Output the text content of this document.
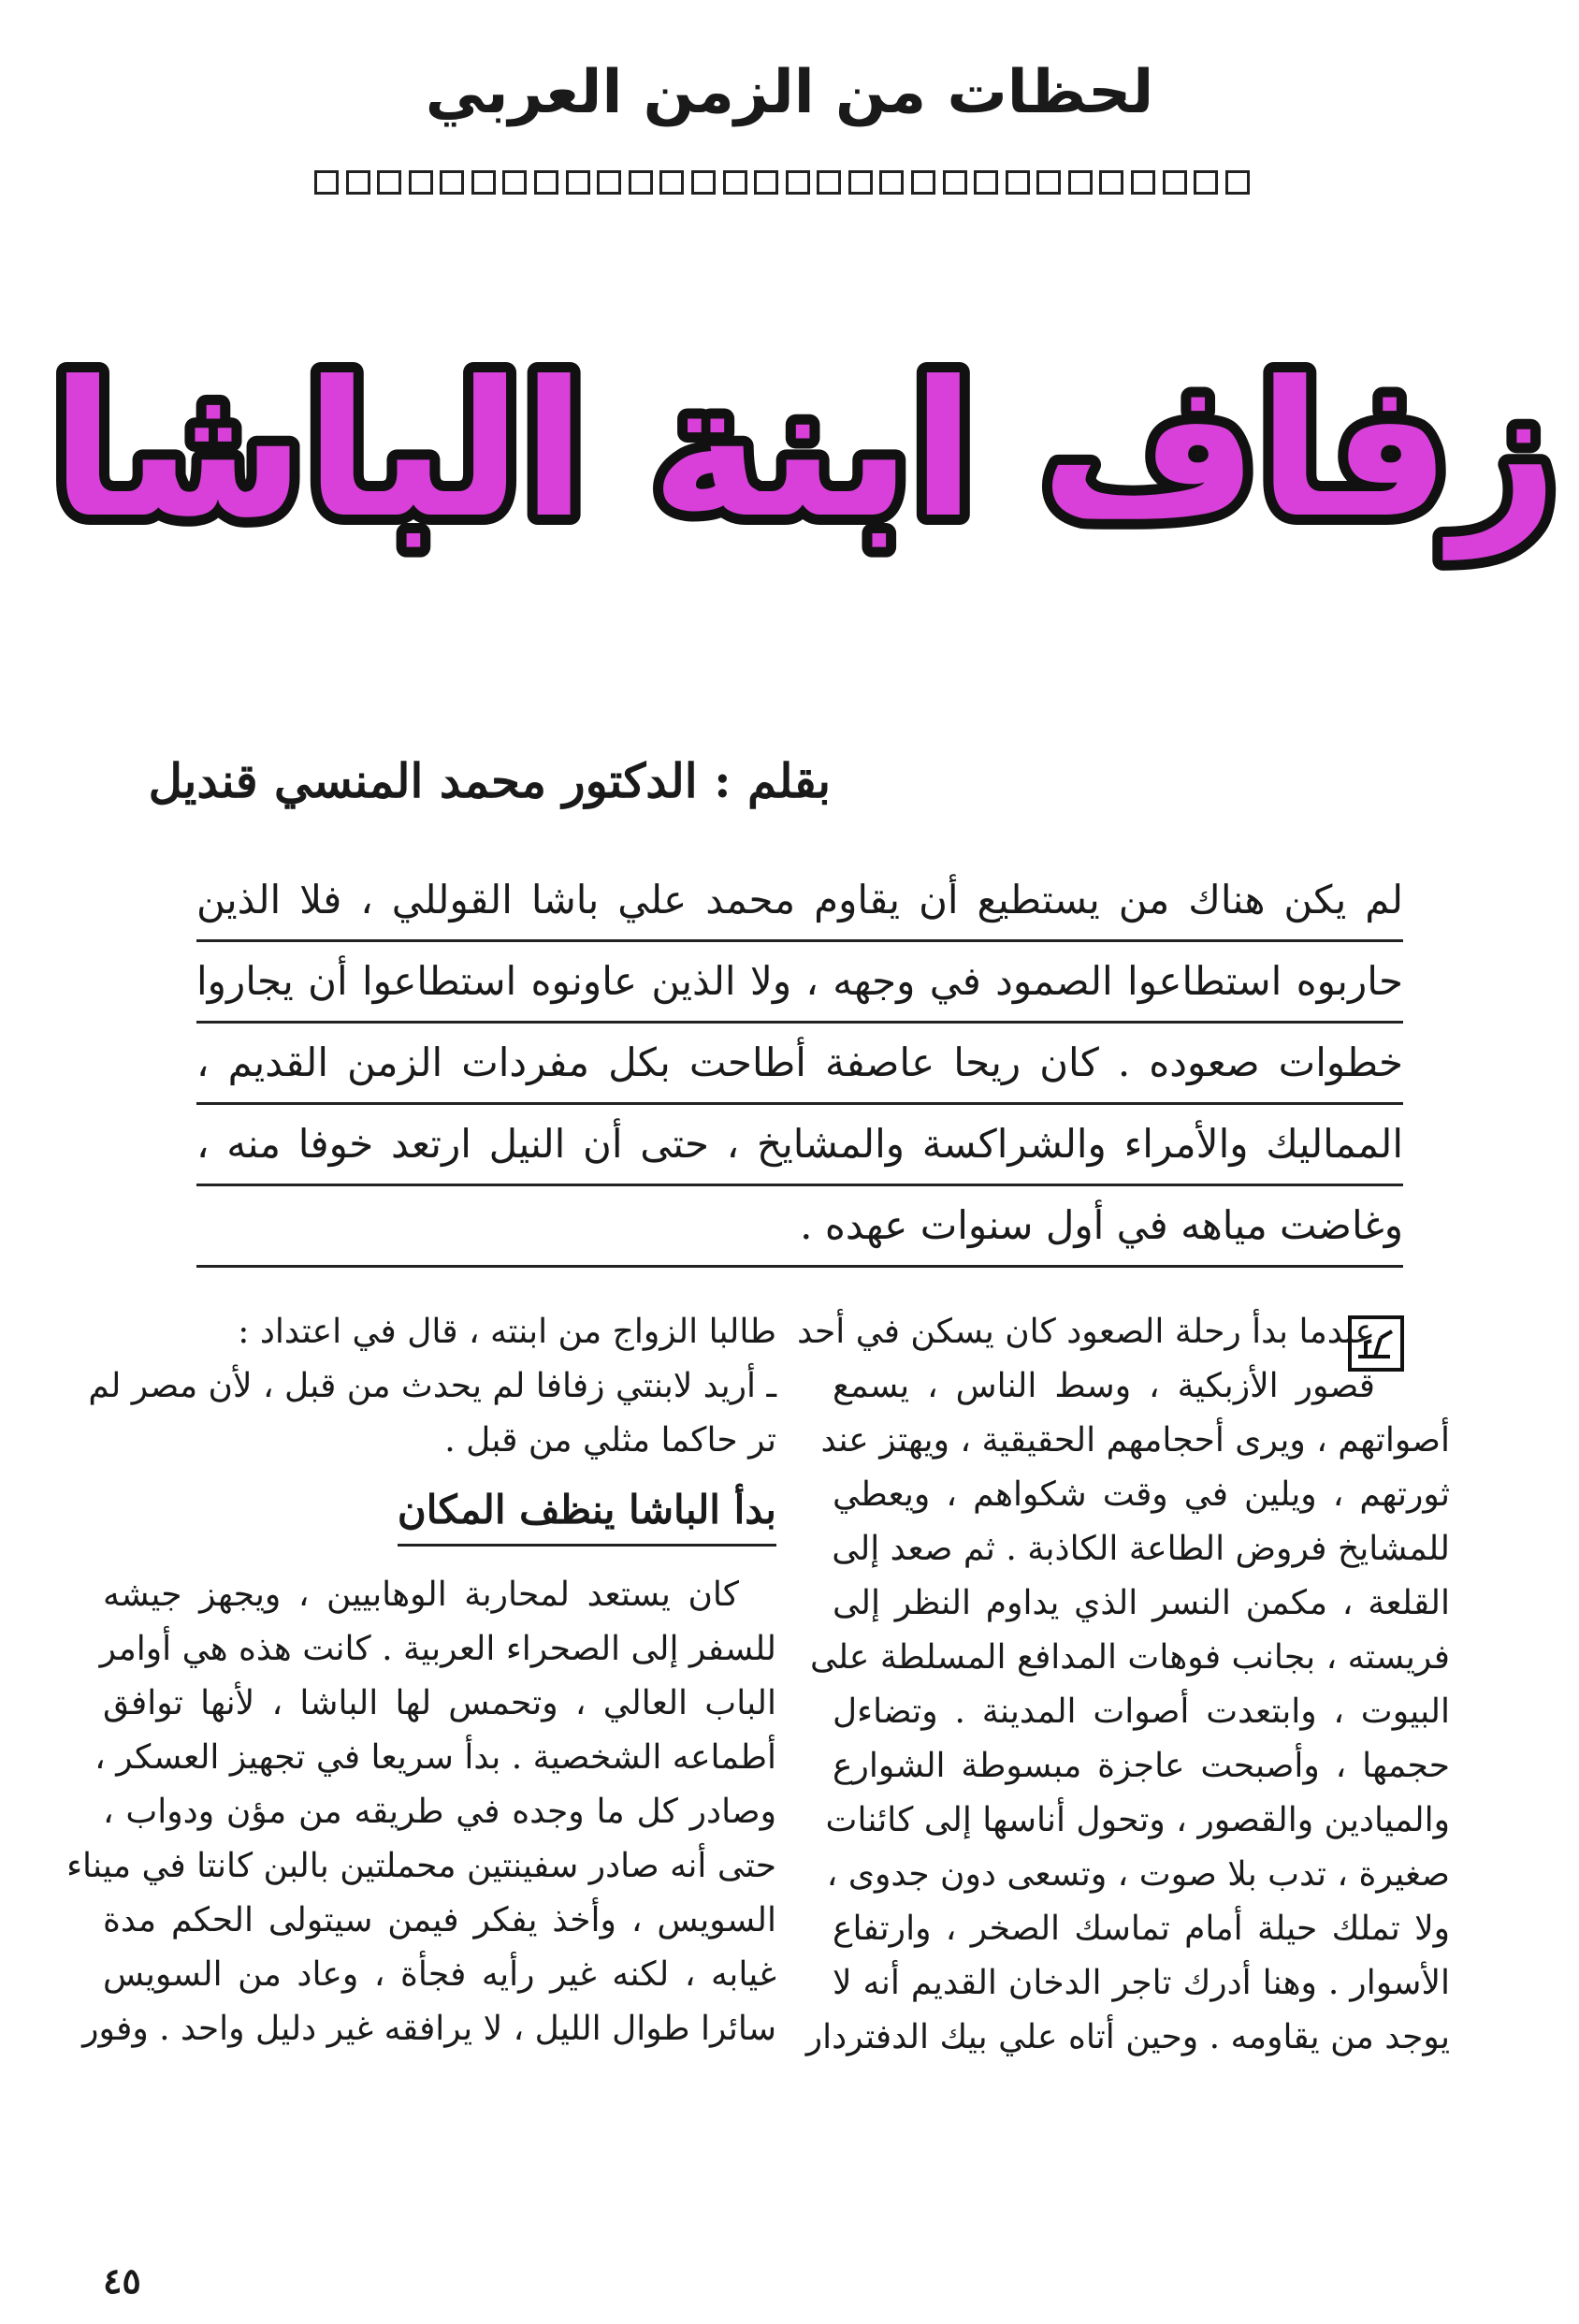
لحظات من الزمن العربي
زفاف ابنة الباشا
بقلم : الدكتور محمد المنسي قنديل
لم يكن هناك من يستطيع أن يقاوم محمد علي باشا القوللي ، فلا الذين
حاربوه استطاعوا الصمود في وجهه ، ولا الذين عاونوه استطاعوا أن يجاروا
خطوات صعوده . كان ريحا عاصفة أطاحت بكل مفردات الزمن القديم ،
المماليك والأمراء والشراكسة والمشايخ ، حتى أن النيل ارتعد خوفا منه ،
وغاضت مياهه في أول سنوات عهده .
عندما بدأ رحلة الصعود كان يسكن في أحد
قصور الأزبكية ، وسط الناس ، يسمع
أصواتهم ، ويرى أحجامهم الحقيقية ، ويهتز عند
ثورتهم ، ويلين في وقت شكواهم ، ويعطي
للمشايخ فروض الطاعة الكاذبة . ثم صعد إلى
القلعة ، مكمن النسر الذي يداوم النظر إلى
فريسته ، بجانب فوهات المدافع المسلطة على
البيوت ، وابتعدت أصوات المدينة . وتضاءل
حجمها ، وأصبحت عاجزة مبسوطة الشوارع
والميادين والقصور ، وتحول أناسها إلى كائنات
صغيرة ، تدب بلا صوت ، وتسعى دون جدوى ،
ولا تملك حيلة أمام تماسك الصخر ، وارتفاع
الأسوار . وهنا أدرك تاجر الدخان القديم أنه لا
يوجد من يقاومه . وحين أتاه علي بيك الدفتردار
طالبا الزواج من ابنته ، قال في اعتداد :
ـ أريد لابنتي زفافا لم يحدث من قبل ، لأن مصر لم
تر حاكما مثلي من قبل .
بدأ الباشا ينظف المكان
كان يستعد لمحاربة الوهابيين ، ويجهز جيشه
للسفر إلى الصحراء العربية . كانت هذه هي أوامر
الباب العالي ، وتحمس لها الباشا ، لأنها توافق
أطماعه الشخصية . بدأ سريعا في تجهيز العسكر ،
وصادر كل ما وجده في طريقه من مؤن ودواب ،
حتى أنه صادر سفينتين محملتين بالبن كانتا في ميناء
السويس ، وأخذ يفكر فيمن سيتولى الحكم مدة
غيابه ، لكنه غير رأيه فجأة ، وعاد من السويس
سائرا طوال الليل ، لا يرافقه غير دليل واحد . وفور
٤٥
